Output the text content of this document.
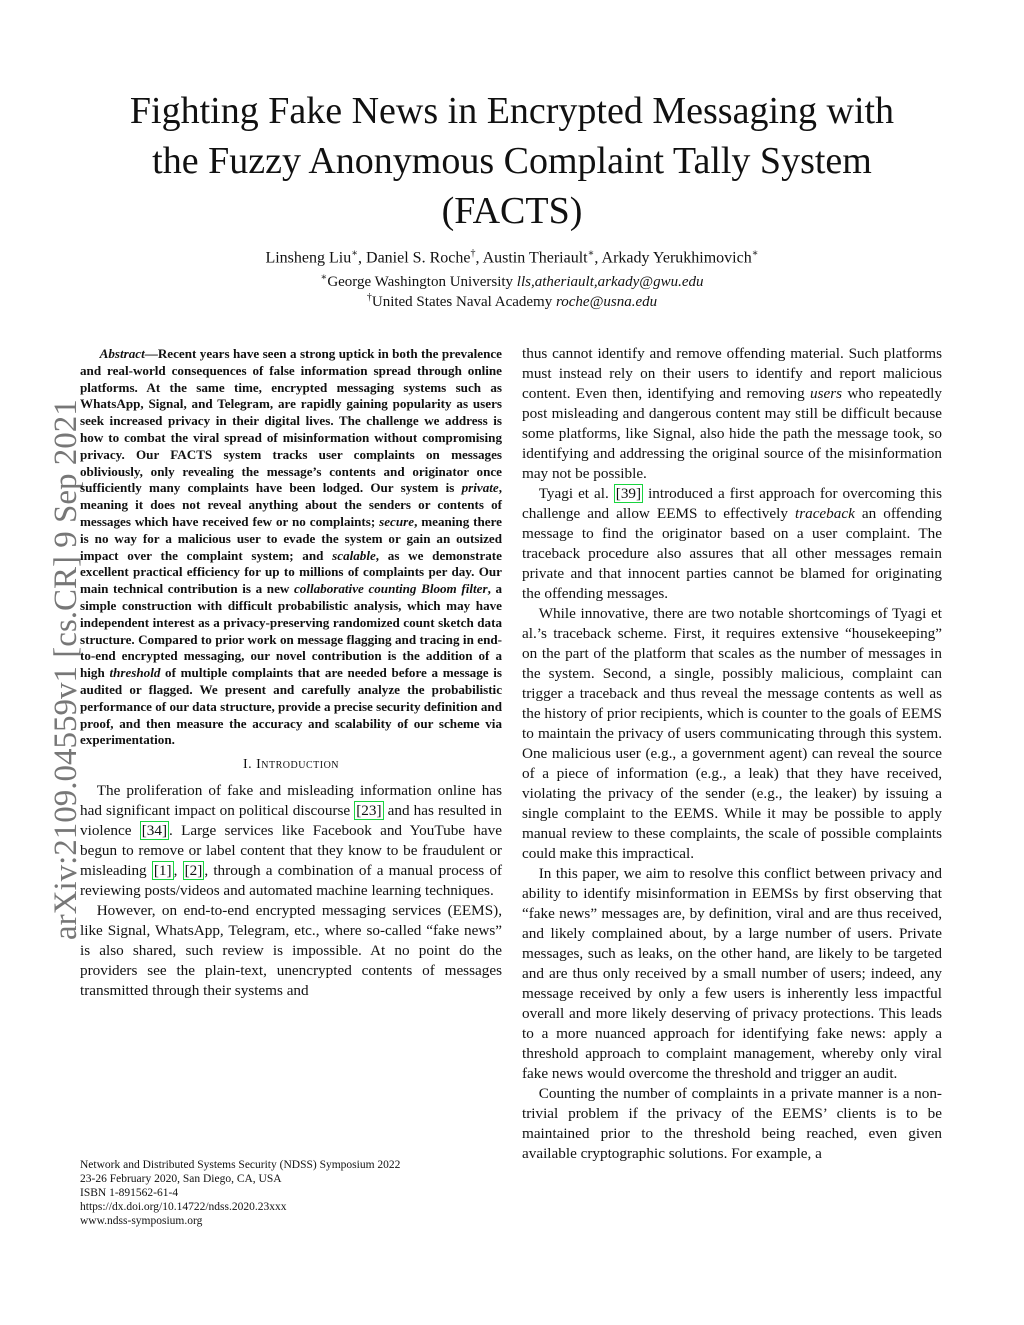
Fighting Fake News in Encrypted Messaging with
the Fuzzy Anonymous Complaint Tally System
(FACTS)
Linsheng Liu∗, Daniel S. Roche†, Austin Theriault∗, Arkady Yerukhimovich∗
∗George Washington University lls,atheriault,arkady@gwu.edu
†United States Naval Academy roche@usna.edu
arXiv:2109.04559v1 [cs.CR] 9 Sep 2021

Abstract—Recent years have seen a strong uptick in both the prevalence and real-world consequences of false information spread through online platforms. At the same time, encrypted messaging systems such as WhatsApp, Signal, and Telegram, are rapidly gaining popularity as users seek increased privacy in their digital lives. The challenge we address is how to combat the viral spread of misinformation without compromising privacy. Our FACTS system tracks user complaints on messages obliviously, only revealing the message’s contents and originator once sufficiently many complaints have been lodged. Our system is private, meaning it does not reveal anything about the senders or contents of messages which have received few or no complaints; secure, meaning there is no way for a malicious user to evade the system or gain an outsized impact over the complaint system; and scalable, as we demonstrate excellent practical efficiency for up to millions of complaints per day. Our main technical contribution is a new collaborative counting Bloom filter, a simple construction with difficult probabilistic analysis, which may have independent interest as a privacy-preserving randomized count sketch data structure. Compared to prior work on message flagging and tracing in end-to-end encrypted messaging, our novel contribution is the addition of a high threshold of multiple complaints that are needed before a message is audited or flagged. We present and carefully analyze the probabilistic performance of our data structure, provide a precise security definition and proof, and then measure the accuracy and scalability of our scheme via experimentation.

I. Introduction

The proliferation of fake and misleading information online has had significant impact on political discourse [23] and has resulted in violence [34] . Large services like Facebook and YouTube have begun to remove or label content that they know to be fraudulent or misleading [1] , [2] , through a combination of a manual process of reviewing posts/videos and automated machine learning techniques.

However, on end-to-end encrypted messaging services (EEMS), like Signal, WhatsApp, Telegram, etc., where so-called “fake news” is also shared, such review is impossible. At no point do the providers see the plain-text, unencrypted contents of messages transmitted through their systems and

thus cannot identify and remove offending material. Such platforms must instead rely on their users to identify and report malicious content. Even then, identifying and removing users who repeatedly post misleading and dangerous content may still be difficult because some platforms, like Signal, also hide the path the message took, so identifying and addressing the original source of the misinformation may not be possible.

Tyagi et al. [39] introduced a first approach for overcoming this challenge and allow EEMS to effectively traceback an offending message to find the originator based on a user complaint. The traceback procedure also assures that all other messages remain private and that innocent parties cannot be blamed for originating the offending messages.

While innovative, there are two notable shortcomings of Tyagi et al.’s traceback scheme. First, it requires extensive “housekeeping” on the part of the platform that scales as the number of messages in the system. Second, a single, possibly malicious, complaint can trigger a traceback and thus reveal the message contents as well as the history of prior recipients, which is counter to the goals of EEMS to maintain the privacy of users communicating through this system. One malicious user (e.g., a government agent) can reveal the source of a piece of information (e.g., a leak) that they have received, violating the privacy of the sender (e.g., the leaker) by issuing a single complaint to the EEMS. While it may be possible to apply manual review to these complaints, the scale of possible complaints could make this impractical.

In this paper, we aim to resolve this conflict between privacy and ability to identify misinformation in EEMSs by first observing that “fake news” messages are, by definition, viral and are thus received, and likely complained about, by a large number of users. Private messages, such as leaks, on the other hand, are likely to be targeted and are thus only received by a small number of users; indeed, any message received by only a few users is inherently less impactful overall and more likely deserving of privacy protections. This leads to a more nuanced approach for identifying fake news: apply a threshold approach to complaint management, whereby only viral fake news would overcome the threshold and trigger an audit.

Counting the number of complaints in a private manner is a non-trivial problem if the privacy of the EEMS’ clients is to be maintained prior to the threshold being reached, even given available cryptographic solutions. For example, a

Network and Distributed Systems Security (NDSS) Symposium 2022
23-26 February 2020, San Diego, CA, USA
ISBN 1-891562-61-4
https://dx.doi.org/10.14722/ndss.2020.23xxx
www.ndss-symposium.org
